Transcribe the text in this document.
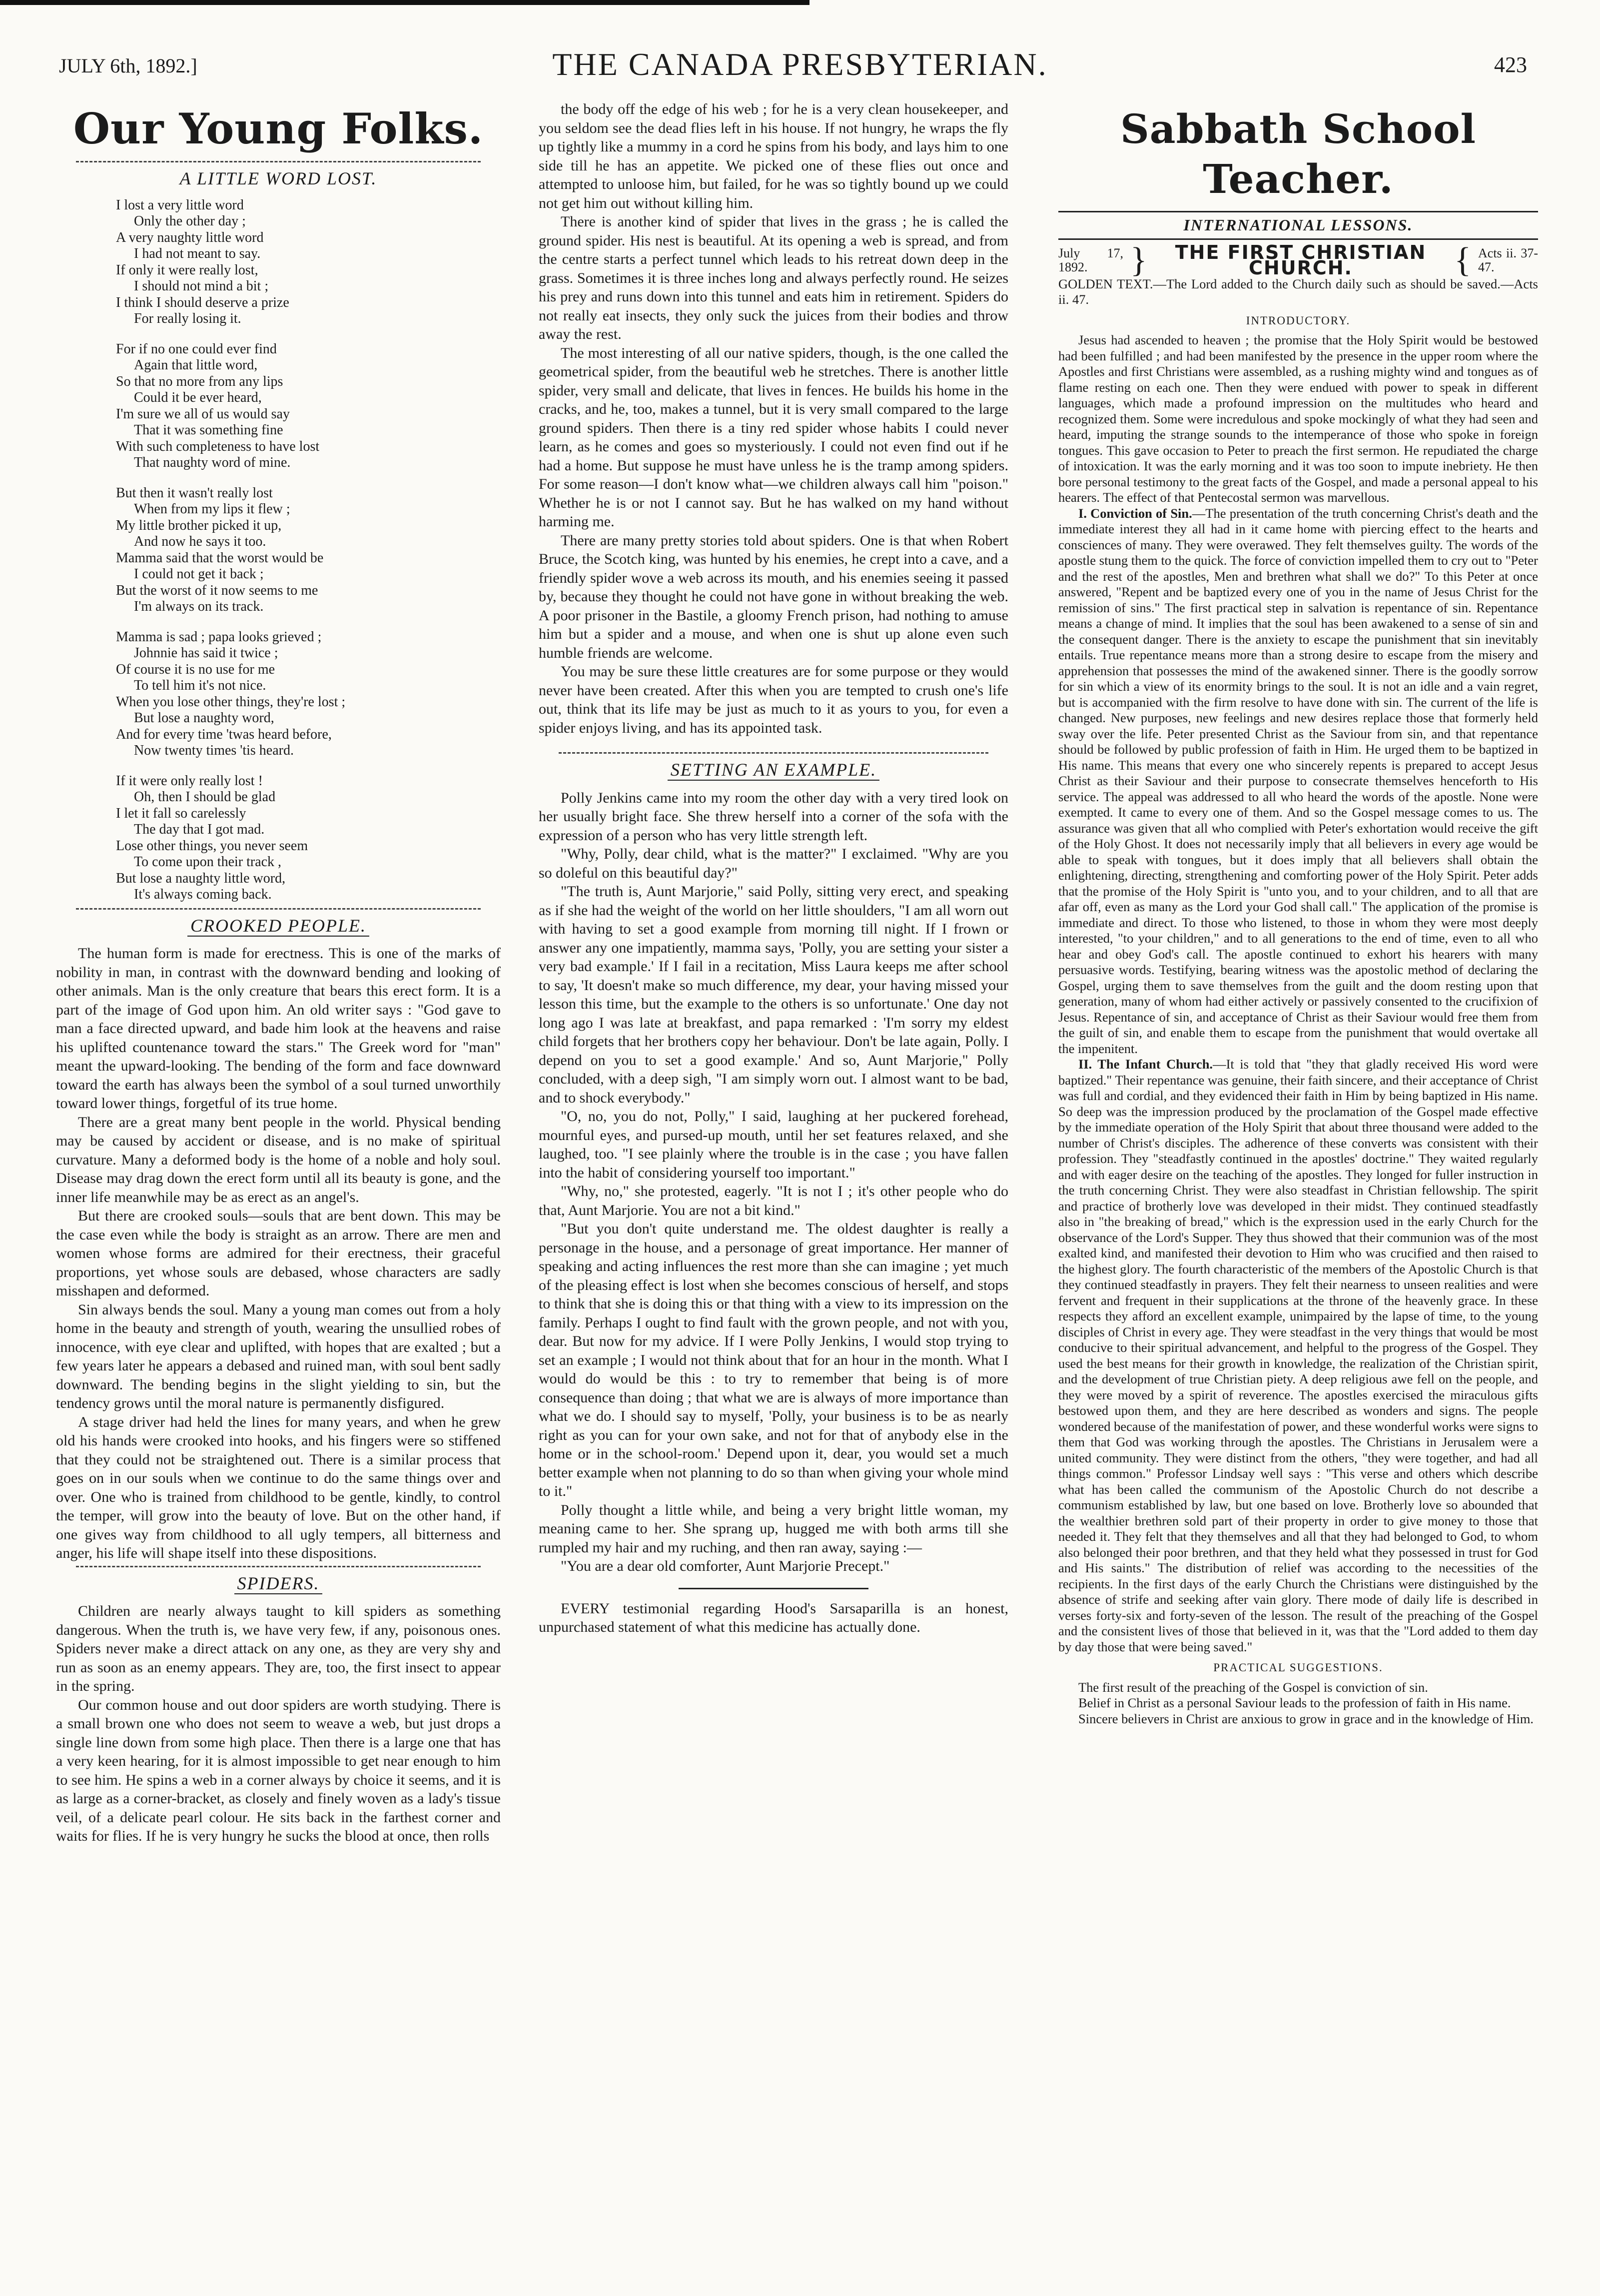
JULY 6th, 1892.]	THE CANADA PRESBYTERIAN.	423
Our Young Folks.
A LITTLE WORD LOST.
I lost a very little word
Only the other day ;
A very naughty little word
I had not meant to say.
If only it were really lost,
I should not mind a bit ;
I think I should deserve a prize
For really losing it.
For if no one could ever find
Again that little word,
So that no more from any lips
Could it be ever heard,
I'm sure we all of us would say
That it was something fine
With such completeness to have lost
That naughty word of mine.
But then it wasn't really lost
When from my lips it flew ;
My little brother picked it up,
And now he says it too.
Mamma said that the worst would be
I could not get it back ;
But the worst of it now seems to me
I'm always on its track.
Mamma is sad ; papa looks grieved ;
Johnnie has said it twice ;
Of course it is no use for me
To tell him it's not nice.
When you lose other things, they're lost ;
But lose a naughty word,
And for every time 'twas heard before,
Now twenty times 'tis heard.
If it were only really lost !
Oh, then I should be glad
I let it fall so carelessly
The day that I got mad.
Lose other things, you never seem
To come upon their track ,
But lose a naughty little word,
It's always coming back.
CROOKED PEOPLE.

The human form is made for erectness. This is one of the marks of nobility in man, in contrast with the downward bending and looking of other animals. Man is the only creature that bears this erect form. It is a part of the image of God upon him. An old writer says : "God gave to man a face directed upward, and bade him look at the heavens and raise his uplifted countenance toward the stars." The Greek word for "man" meant the upward-looking. The bending of the form and face downward toward the earth has always been the symbol of a soul turned unworthily toward lower things, forgetful of its true home.

There are a great many bent people in the world. Physical bending may be caused by accident or disease, and is no make of spiritual curvature. Many a deformed body is the home of a noble and holy soul. Disease may drag down the erect form until all its beauty is gone, and the inner life meanwhile may be as erect as an angel's.

But there are crooked souls—souls that are bent down. This may be the case even while the body is straight as an arrow. There are men and women whose forms are admired for their erectness, their graceful proportions, yet whose souls are debased, whose characters are sadly misshapen and deformed.

Sin always bends the soul. Many a young man comes out from a holy home in the beauty and strength of youth, wearing the unsullied robes of innocence, with eye clear and uplifted, with hopes that are exalted ; but a few years later he appears a debased and ruined man, with soul bent sadly downward. The bending begins in the slight yielding to sin, but the tendency grows until the moral nature is permanently disfigured.

A stage driver had held the lines for many years, and when he grew old his hands were crooked into hooks, and his fingers were so stiffened that they could not be straightened out. There is a similar process that goes on in our souls when we continue to do the same things over and over. One who is trained from childhood to be gentle, kindly, to control the temper, will grow into the beauty of love. But on the other hand, if one gives way from childhood to all ugly tempers, all bitterness and anger, his life will shape itself into these dispositions.

SPIDERS.

Children are nearly always taught to kill spiders as something dangerous. When the truth is, we have very few, if any, poisonous ones. Spiders never make a direct attack on any one, as they are very shy and run as soon as an enemy appears. They are, too, the first insect to appear in the spring.

Our common house and out door spiders are worth studying. There is a small brown one who does not seem to weave a web, but just drops a single line down from some high place. Then there is a large one that has a very keen hearing, for it is almost impossible to get near enough to him to see him. He spins a web in a corner always by choice it seems, and it is as large as a corner-bracket, as closely and finely woven as a lady's tissue veil, of a delicate pearl colour. He sits back in the farthest corner and waits for flies. If he is very hungry he sucks the blood at once, then rolls

the body off the edge of his web ; for he is a very clean housekeeper, and you seldom see the dead flies left in his house. If not hungry, he wraps the fly up tightly like a mummy in a cord he spins from his body, and lays him to one side till he has an appetite. We picked one of these flies out once and attempted to unloose him, but failed, for he was so tightly bound up we could not get him out without killing him.

There is another kind of spider that lives in the grass ; he is called the ground spider. His nest is beautiful. At its opening a web is spread, and from the centre starts a perfect tunnel which leads to his retreat down deep in the grass. Sometimes it is three inches long and always perfectly round. He seizes his prey and runs down into this tunnel and eats him in retirement. Spiders do not really eat insects, they only suck the juices from their bodies and throw away the rest.

The most interesting of all our native spiders, though, is the one called the geometrical spider, from the beautiful web he stretches. There is another little spider, very small and delicate, that lives in fences. He builds his home in the cracks, and he, too, makes a tunnel, but it is very small compared to the large ground spiders. Then there is a tiny red spider whose habits I could never learn, as he comes and goes so mysteriously. I could not even find out if he had a home. But suppose he must have unless he is the tramp among spiders. For some reason—I don't know what—we children always call him "poison." Whether he is or not I cannot say. But he has walked on my hand without harming me.

There are many pretty stories told about spiders. One is that when Robert Bruce, the Scotch king, was hunted by his enemies, he crept into a cave, and a friendly spider wove a web across its mouth, and his enemies seeing it passed by, because they thought he could not have gone in without breaking the web. A poor prisoner in the Bastile, a gloomy French prison, had nothing to amuse him but a spider and a mouse, and when one is shut up alone even such humble friends are welcome.

You may be sure these little creatures are for some purpose or they would never have been created. After this when you are tempted to crush one's life out, think that its life may be just as much to it as yours to you, for even a spider enjoys living, and has its appointed task.

SETTING AN EXAMPLE.

Polly Jenkins came into my room the other day with a very tired look on her usually bright face. She threw herself into a corner of the sofa with the expression of a person who has very little strength left.

"Why, Polly, dear child, what is the matter?" I exclaimed. "Why are you so doleful on this beautiful day?"

"The truth is, Aunt Marjorie," said Polly, sitting very erect, and speaking as if she had the weight of the world on her little shoulders, "I am all worn out with having to set a good example from morning till night. If I frown or answer any one impatiently, mamma says, 'Polly, you are setting your sister a very bad example.' If I fail in a recitation, Miss Laura keeps me after school to say, 'It doesn't make so much difference, my dear, your having missed your lesson this time, but the example to the others is so unfortunate.' One day not long ago I was late at breakfast, and papa remarked : 'I'm sorry my eldest child forgets that her brothers copy her behaviour. Don't be late again, Polly. I depend on you to set a good example.' And so, Aunt Marjorie," Polly concluded, with a deep sigh, "I am simply worn out. I almost want to be bad, and to shock everybody."

"O, no, you do not, Polly," I said, laughing at her puckered forehead, mournful eyes, and pursed-up mouth, until her set features relaxed, and she laughed, too. "I see plainly where the trouble is in the case ; you have fallen into the habit of considering yourself too important."

"Why, no," she protested, eagerly. "It is not I ; it's other people who do that, Aunt Marjorie. You are not a bit kind."

"But you don't quite understand me. The oldest daughter is really a personage in the house, and a personage of great importance. Her manner of speaking and acting influences the rest more than she can imagine ; yet much of the pleasing effect is lost when she becomes conscious of herself, and stops to think that she is doing this or that thing with a view to its impression on the family. Perhaps I ought to find fault with the grown people, and not with you, dear. But now for my advice. If I were Polly Jenkins, I would stop trying to set an example ; I would not think about that for an hour in the month. What I would do would be this : to try to remember that being is of more consequence than doing ; that what we are is always of more importance than what we do. I should say to myself, 'Polly, your business is to be as nearly right as you can for your own sake, and not for that of anybody else in the home or in the school-room.' Depend upon it, dear, you would set a much better example when not planning to do so than when giving your whole mind to it."

Polly thought a little while, and being a very bright little woman, my meaning came to her. She sprang up, hugged me with both arms till she rumpled my hair and my ruching, and then ran away, saying :—

"You are a dear old comforter, Aunt Marjorie Precept."

EVERY testimonial regarding Hood's Sarsaparilla is an honest, unpurchased statement of what this medicine has actually done.

Sabbath School Teacher.
INTERNATIONAL LESSONS.
July 17, 1892.	}	THE FIRST CHRISTIAN CHURCH.	{ Acts ii. 37-47.

GOLDEN TEXT.—The Lord added to the Church daily such as should be saved.—Acts ii. 47.

INTRODUCTORY.

Jesus had ascended to heaven ; the promise that the Holy Spirit would be bestowed had been fulfilled ; and had been manifested by the presence in the upper room where the Apostles and first Christians were assembled, as a rushing mighty wind and tongues as of flame resting on each one. Then they were endued with power to speak in different languages, which made a profound impression on the multitudes who heard and recognized them. Some were incredulous and spoke mockingly of what they had seen and heard, imputing the strange sounds to the intemperance of those who spoke in foreign tongues. This gave occasion to Peter to preach the first sermon. He repudiated the charge of intoxication. It was the early morning and it was too soon to impute inebriety. He then bore personal testimony to the great facts of the Gospel, and made a personal appeal to his hearers. The effect of that Pentecostal sermon was marvellous.

I. Conviction of Sin.—The presentation of the truth concerning Christ's death and the immediate interest they all had in it came home with piercing effect to the hearts and consciences of many. They were overawed. They felt themselves guilty. The words of the apostle stung them to the quick. The force of conviction impelled them to cry out to "Peter and the rest of the apostles, Men and brethren what shall we do?" To this Peter at once answered, "Repent and be baptized every one of you in the name of Jesus Christ for the remission of sins." The first practical step in salvation is repentance of sin. Repentance means a change of mind. It implies that the soul has been awakened to a sense of sin and the consequent danger. There is the anxiety to escape the punishment that sin inevitably entails. True repentance means more than a strong desire to escape from the misery and apprehension that possesses the mind of the awakened sinner. There is the goodly sorrow for sin which a view of its enormity brings to the soul. It is not an idle and a vain regret, but is accompanied with the firm resolve to have done with sin. The current of the life is changed. New purposes, new feelings and new desires replace those that formerly held sway over the life. Peter presented Christ as the Saviour from sin, and that repentance should be followed by public profession of faith in Him. He urged them to be baptized in His name. This means that every one who sincerely repents is prepared to accept Jesus Christ as their Saviour and their purpose to consecrate themselves henceforth to His service. The appeal was addressed to all who heard the words of the apostle. None were exempted. It came to every one of them. And so the Gospel message comes to us. The assurance was given that all who complied with Peter's exhortation would receive the gift of the Holy Ghost. It does not necessarily imply that all believers in every age would be able to speak with tongues, but it does imply that all believers shall obtain the enlightening, directing, strengthening and comforting power of the Holy Spirit. Peter adds that the promise of the Holy Spirit is "unto you, and to your children, and to all that are afar off, even as many as the Lord your God shall call." The application of the promise is immediate and direct. To those who listened, to those in whom they were most deeply interested, "to your children," and to all generations to the end of time, even to all who hear and obey God's call. The apostle continued to exhort his hearers with many persuasive words. Testifying, bearing witness was the apostolic method of declaring the Gospel, urging them to save themselves from the guilt and the doom resting upon that generation, many of whom had either actively or passively consented to the crucifixion of Jesus. Repentance of sin, and acceptance of Christ as their Saviour would free them from the guilt of sin, and enable them to escape from the punishment that would overtake all the impenitent.

II. The Infant Church.—It is told that "they that gladly received His word were baptized." Their repentance was genuine, their faith sincere, and their acceptance of Christ was full and cordial, and they evidenced their faith in Him by being baptized in His name. So deep was the impression produced by the proclamation of the Gospel made effective by the immediate operation of the Holy Spirit that about three thousand were added to the number of Christ's disciples. The adherence of these converts was consistent with their profession. They "steadfastly continued in the apostles' doctrine." They waited regularly and with eager desire on the teaching of the apostles. They longed for fuller instruction in the truth concerning Christ. They were also steadfast in Christian fellowship. The spirit and practice of brotherly love was developed in their midst. They continued steadfastly also in "the breaking of bread," which is the expression used in the early Church for the observance of the Lord's Supper. They thus showed that their communion was of the most exalted kind, and manifested their devotion to Him who was crucified and then raised to the highest glory. The fourth characteristic of the members of the Apostolic Church is that they continued steadfastly in prayers. They felt their nearness to unseen realities and were fervent and frequent in their supplications at the throne of the heavenly grace. In these respects they afford an excellent example, unimpaired by the lapse of time, to the young disciples of Christ in every age. They were steadfast in the very things that would be most conducive to their spiritual advancement, and helpful to the progress of the Gospel. They used the best means for their growth in knowledge, the realization of the Christian spirit, and the development of true Christian piety. A deep religious awe fell on the people, and they were moved by a spirit of reverence. The apostles exercised the miraculous gifts bestowed upon them, and they are here described as wonders and signs. The people wondered because of the manifestation of power, and these wonderful works were signs to them that God was working through the apostles. The Christians in Jerusalem were a united community. They were distinct from the others, "they were together, and had all things common." Professor Lindsay well says : "This verse and others which describe what has been called the communism of the Apostolic Church do not describe a communism established by law, but one based on love. Brotherly love so abounded that the wealthier brethren sold part of their property in order to give money to those that needed it. They felt that they themselves and all that they had belonged to God, to whom also belonged their poor brethren, and that they held what they possessed in trust for God and His saints." The distribution of relief was according to the necessities of the recipients. In the first days of the early Church the Christians were distinguished by the absence of strife and seeking after vain glory. There mode of daily life is described in verses forty-six and forty-seven of the lesson. The result of the preaching of the Gospel and the consistent lives of those that believed in it, was that the "Lord added to them day by day those that were being saved."

PRACTICAL SUGGESTIONS.

The first result of the preaching of the Gospel is conviction of sin.

Belief in Christ as a personal Saviour leads to the profession of faith in His name.

Sincere believers in Christ are anxious to grow in grace and in the knowledge of Him.
